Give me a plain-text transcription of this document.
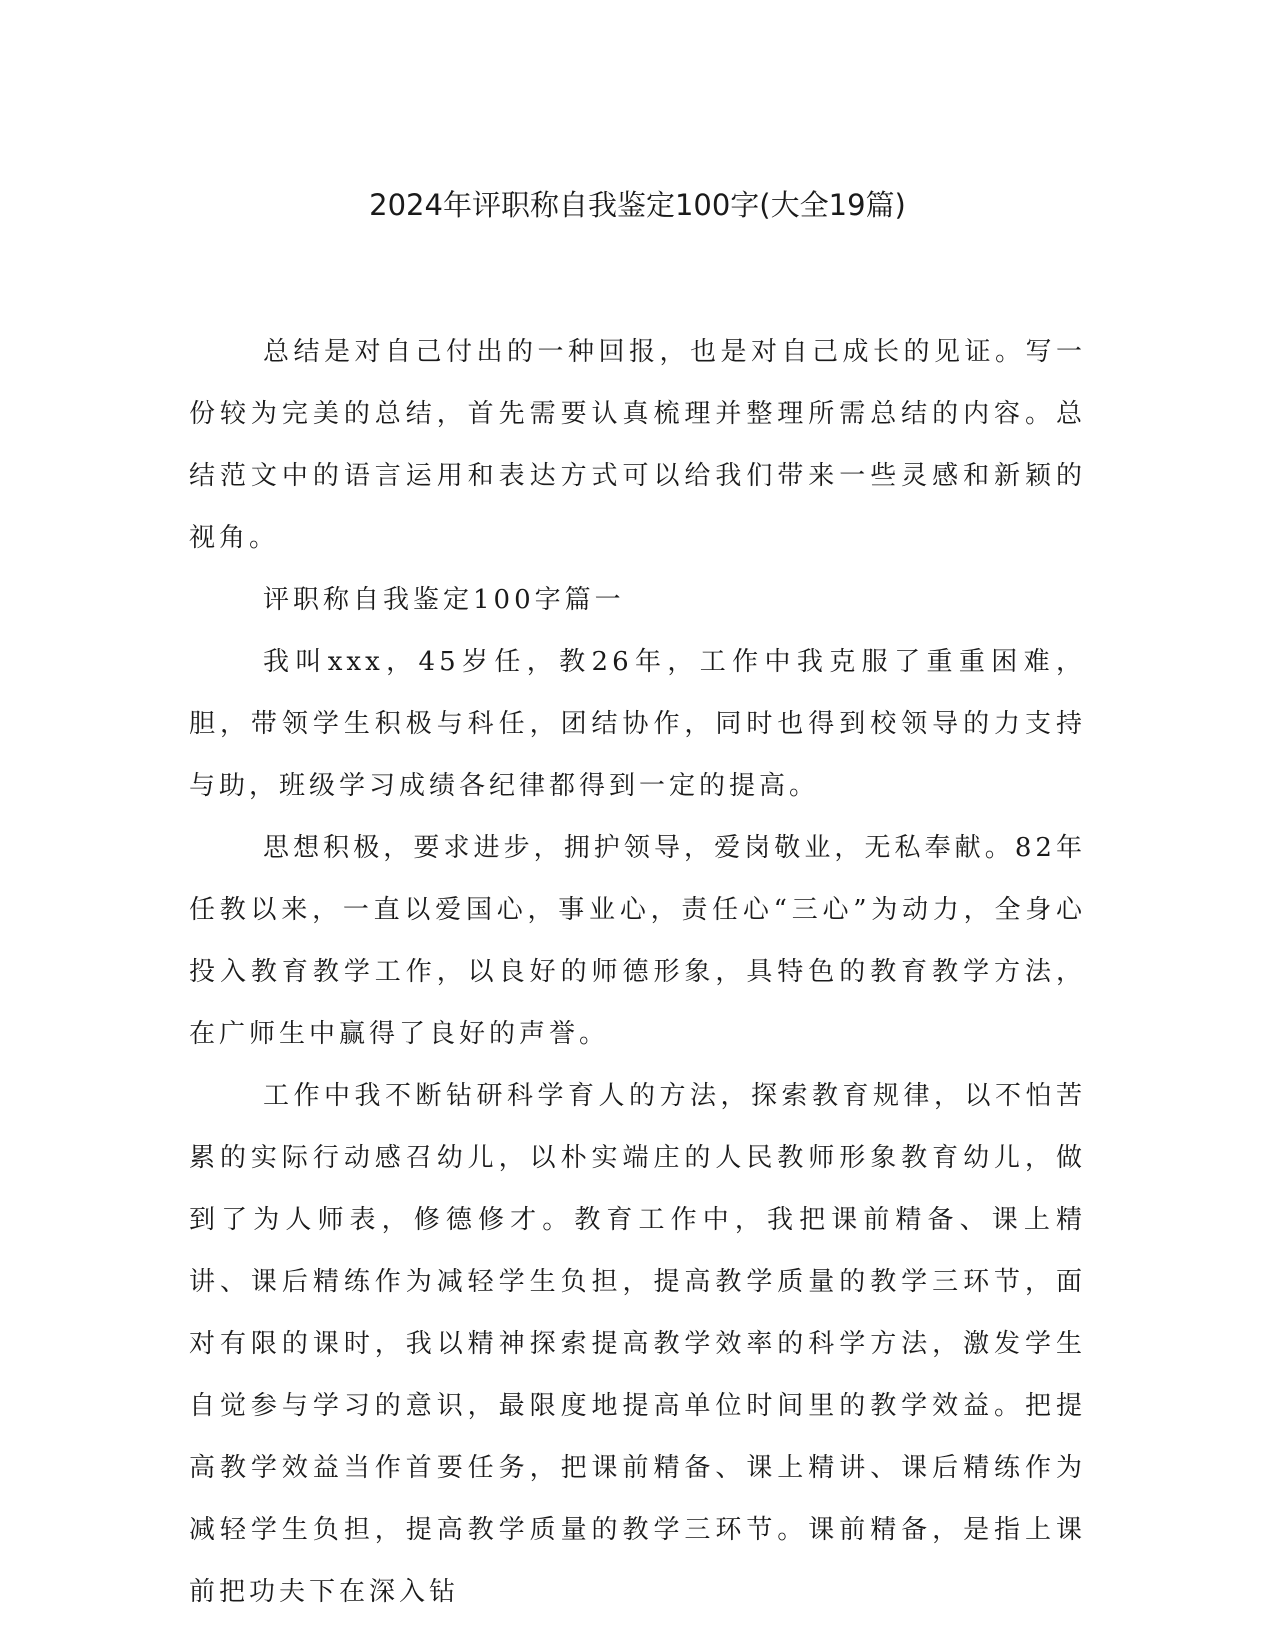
2024年评职称自我鉴定100字(大全19篇)

总结是对自己付出的一种回报，也是对自己成长的见证。写一份较为完美的总结，首先需要认真梳理并整理所需总结的内容。总结范文中的语言运用和表达方式可以给我们带来一些灵感和新颖的视角。

评职称自我鉴定100字篇一

我叫xxx，45岁任，教26年，工作中我克服了重重困难，胆，带领学生积极与科任，团结协作，同时也得到校领导的力支持与助，班级学习成绩各纪律都得到一定的提高。

思想积极，要求进步，拥护领导，爱岗敬业，无私奉献。82年任教以来，一直以爱国心，事业心，责任心“三心”为动力，全身心投入教育教学工作，以良好的师德形象，具特色的教育教学方法，在广师生中赢得了良好的声誉。

工作中我不断钻研科学育人的方法，探索教育规律，以不怕苦累的实际行动感召幼儿，以朴实端庄的人民教师形象教育幼儿，做到了为人师表，修德修才。教育工作中，我把课前精备、课上精讲、课后精练作为减轻学生负担，提高教学质量的教学三环节，面对有限的课时，我以精神探索提高教学效率的科学方法，激发学生自觉参与学习的意识，最限度地提高单位时间里的教学效益。把提高教学效益当作首要任务，把课前精备、课上精讲、课后精练作为减轻学生负担，提高教学质量的教学三环节。课前精备，是指上课前把功夫下在深入钻
